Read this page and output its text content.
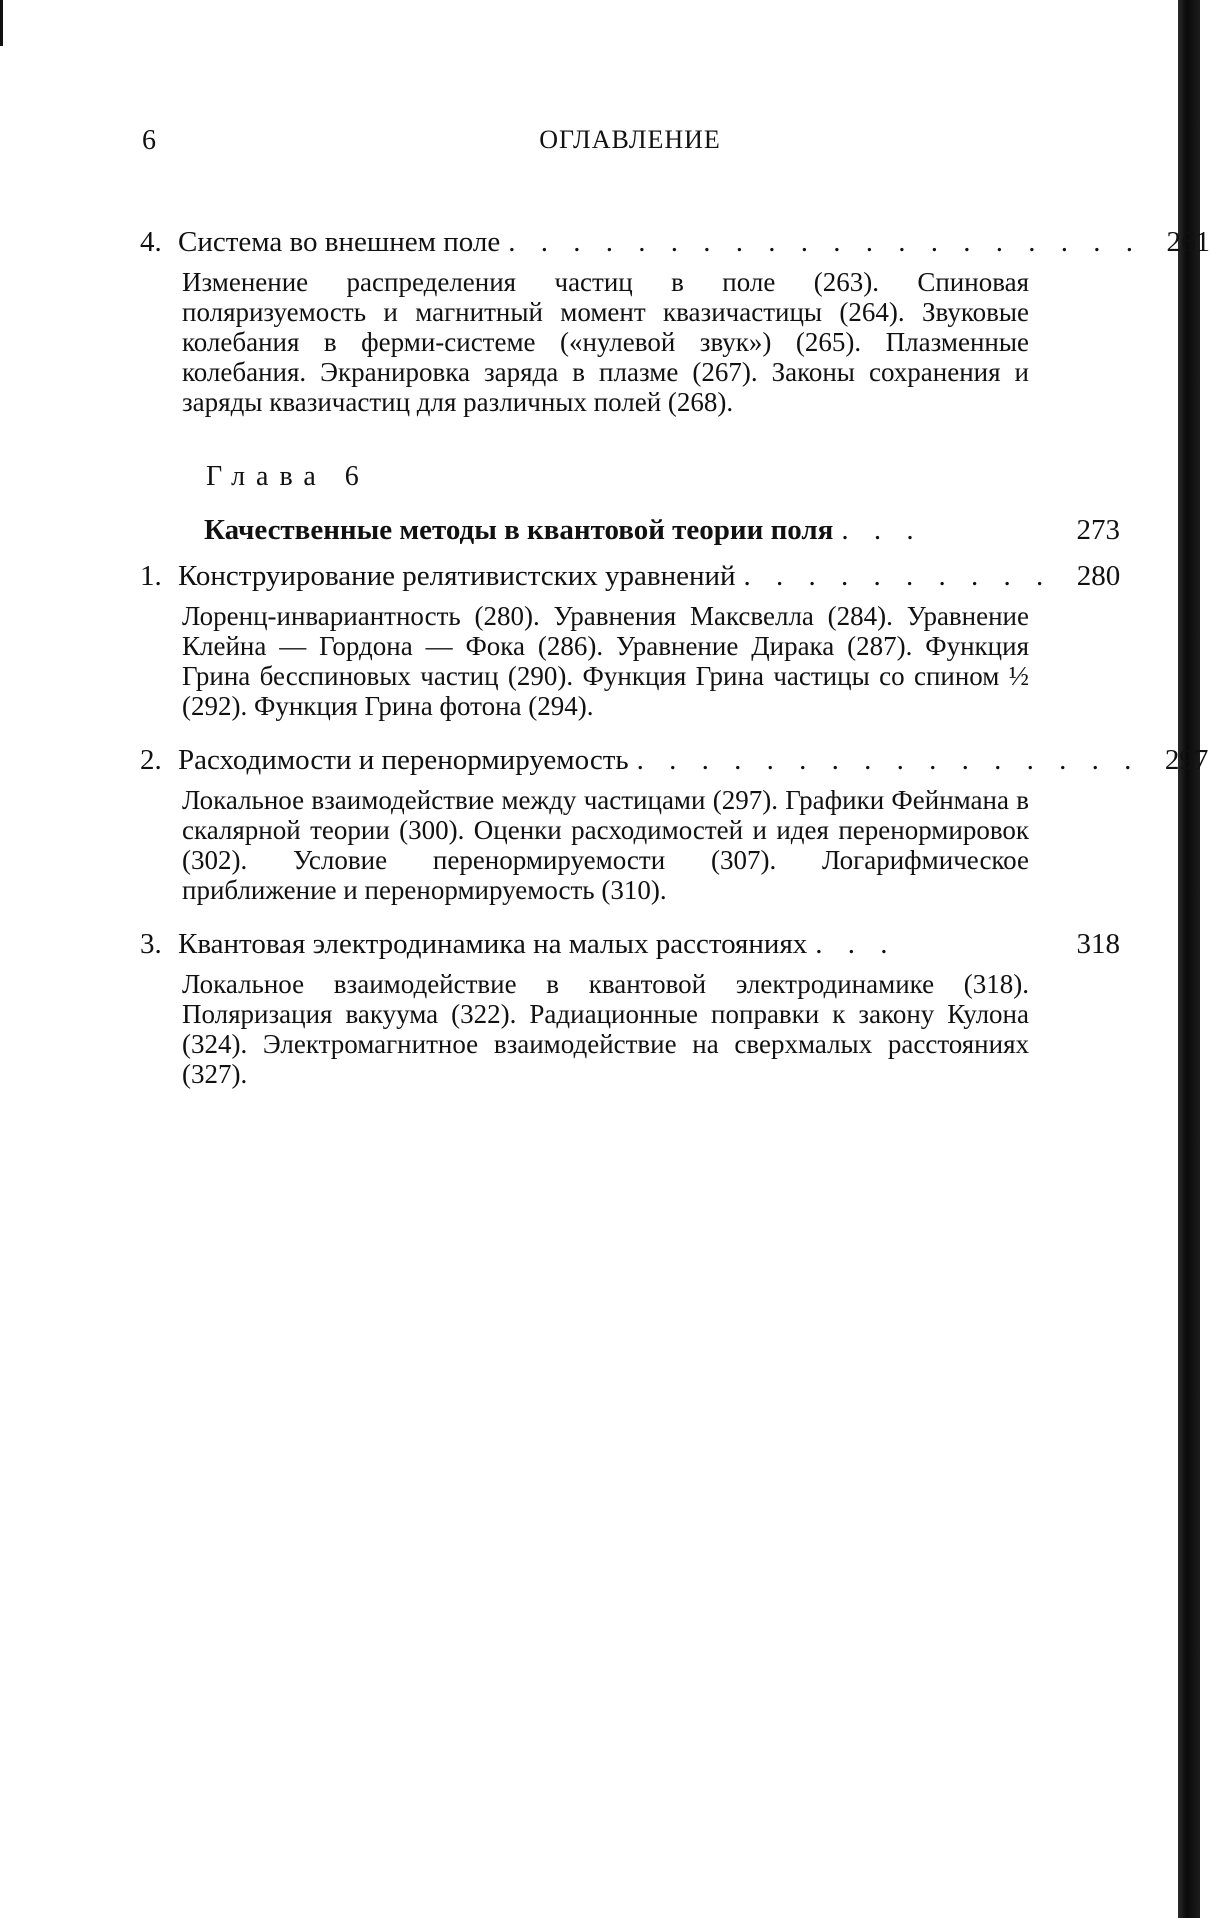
6	ОГЛАВЛЕНИЕ
4. Система во внешнем поле . . . . . . . . . . . . . . . . . . . . 261
Изменение распределения частиц в поле (263). Спиновая поляризуемость и магнитный момент квазичастицы (264). Звуковые колебания в ферми-системе («нулевой звук») (265). Плазменные колебания. Экранировка заряда в плазме (267). Законы сохранения и заряды квазичастиц для различных полей (268).
Глава 6
Качественные методы в квантовой теории поля . . .	273
1. Конструирование релятивистских уравнений . . . . . . . . . . 280
Лоренц-инвариантность (280). Уравнения Максвелла (284). Уравнение Клейна — Гордона — Фока (286). Уравнение Дирака (287). Функция Грина бесспиновых частиц (290). Функция Грина частицы со спином ½ (292). Функция Грина фотона (294).
2. Расходимости и перенормируемость . . . . . . . . . . . . . . . . 297
Локальное взаимодействие между частицами (297). Графики Фейнмана в скалярной теории (300). Оценки расходимостей и идея перенормировок (302). Условие перенормируемости (307). Логарифмическое приближение и перенормируемость (310).
3. Квантовая электродинамика на малых расстояниях . . .	318
Локальное взаимодействие в квантовой электродинамике (318). Поляризация вакуума (322). Радиационные поправки к закону Кулона (324). Электромагнитное взаимодействие на сверхмалых расстояниях (327).
